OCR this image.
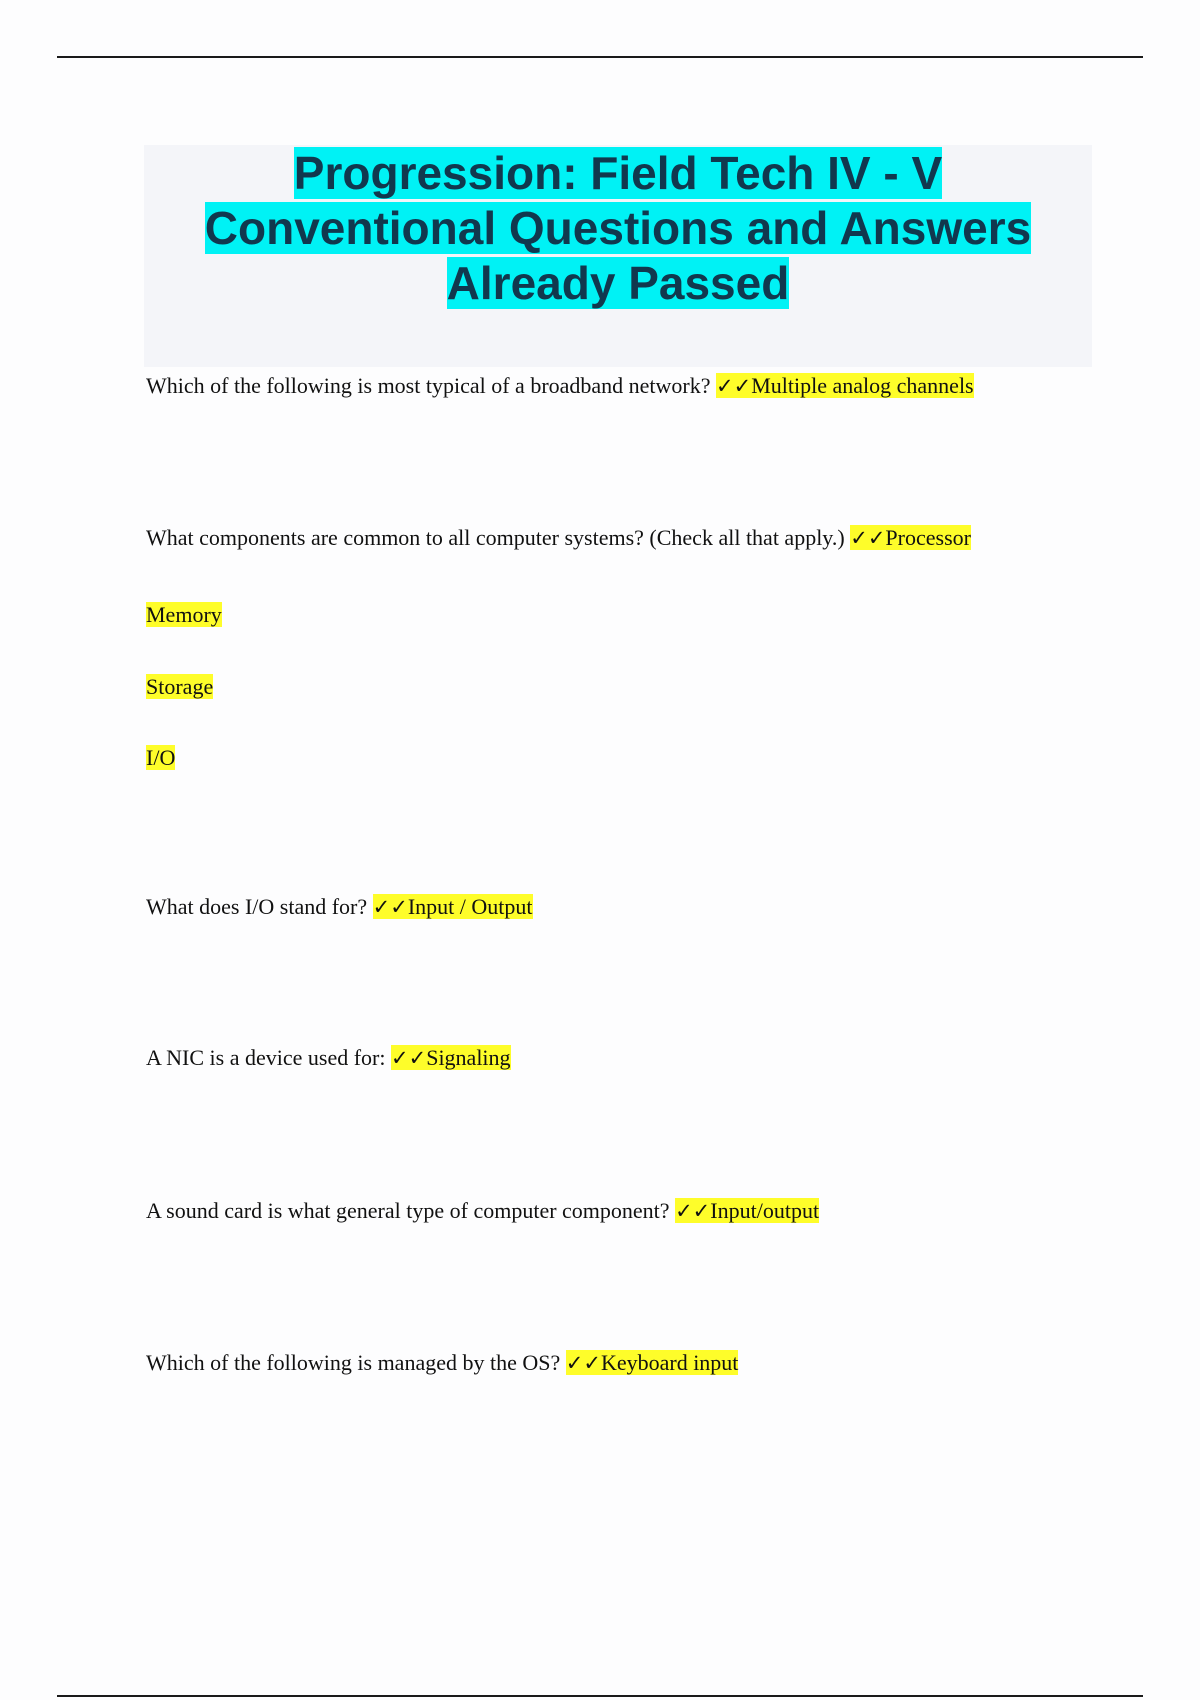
Progression: Field Tech IV - V
Conventional Questions and Answers
Already Passed

Which of the following is most typical of a broadband network? ✓✓Multiple analog channels

What components are common to all computer systems? (Check all that apply.) ✓✓Processor

Memory

Storage

I/O

What does I/O stand for? ✓✓Input / Output

A NIC is a device used for: ✓✓Signaling

A sound card is what general type of computer component? ✓✓Input/output

Which of the following is managed by the OS? ✓✓Keyboard input
